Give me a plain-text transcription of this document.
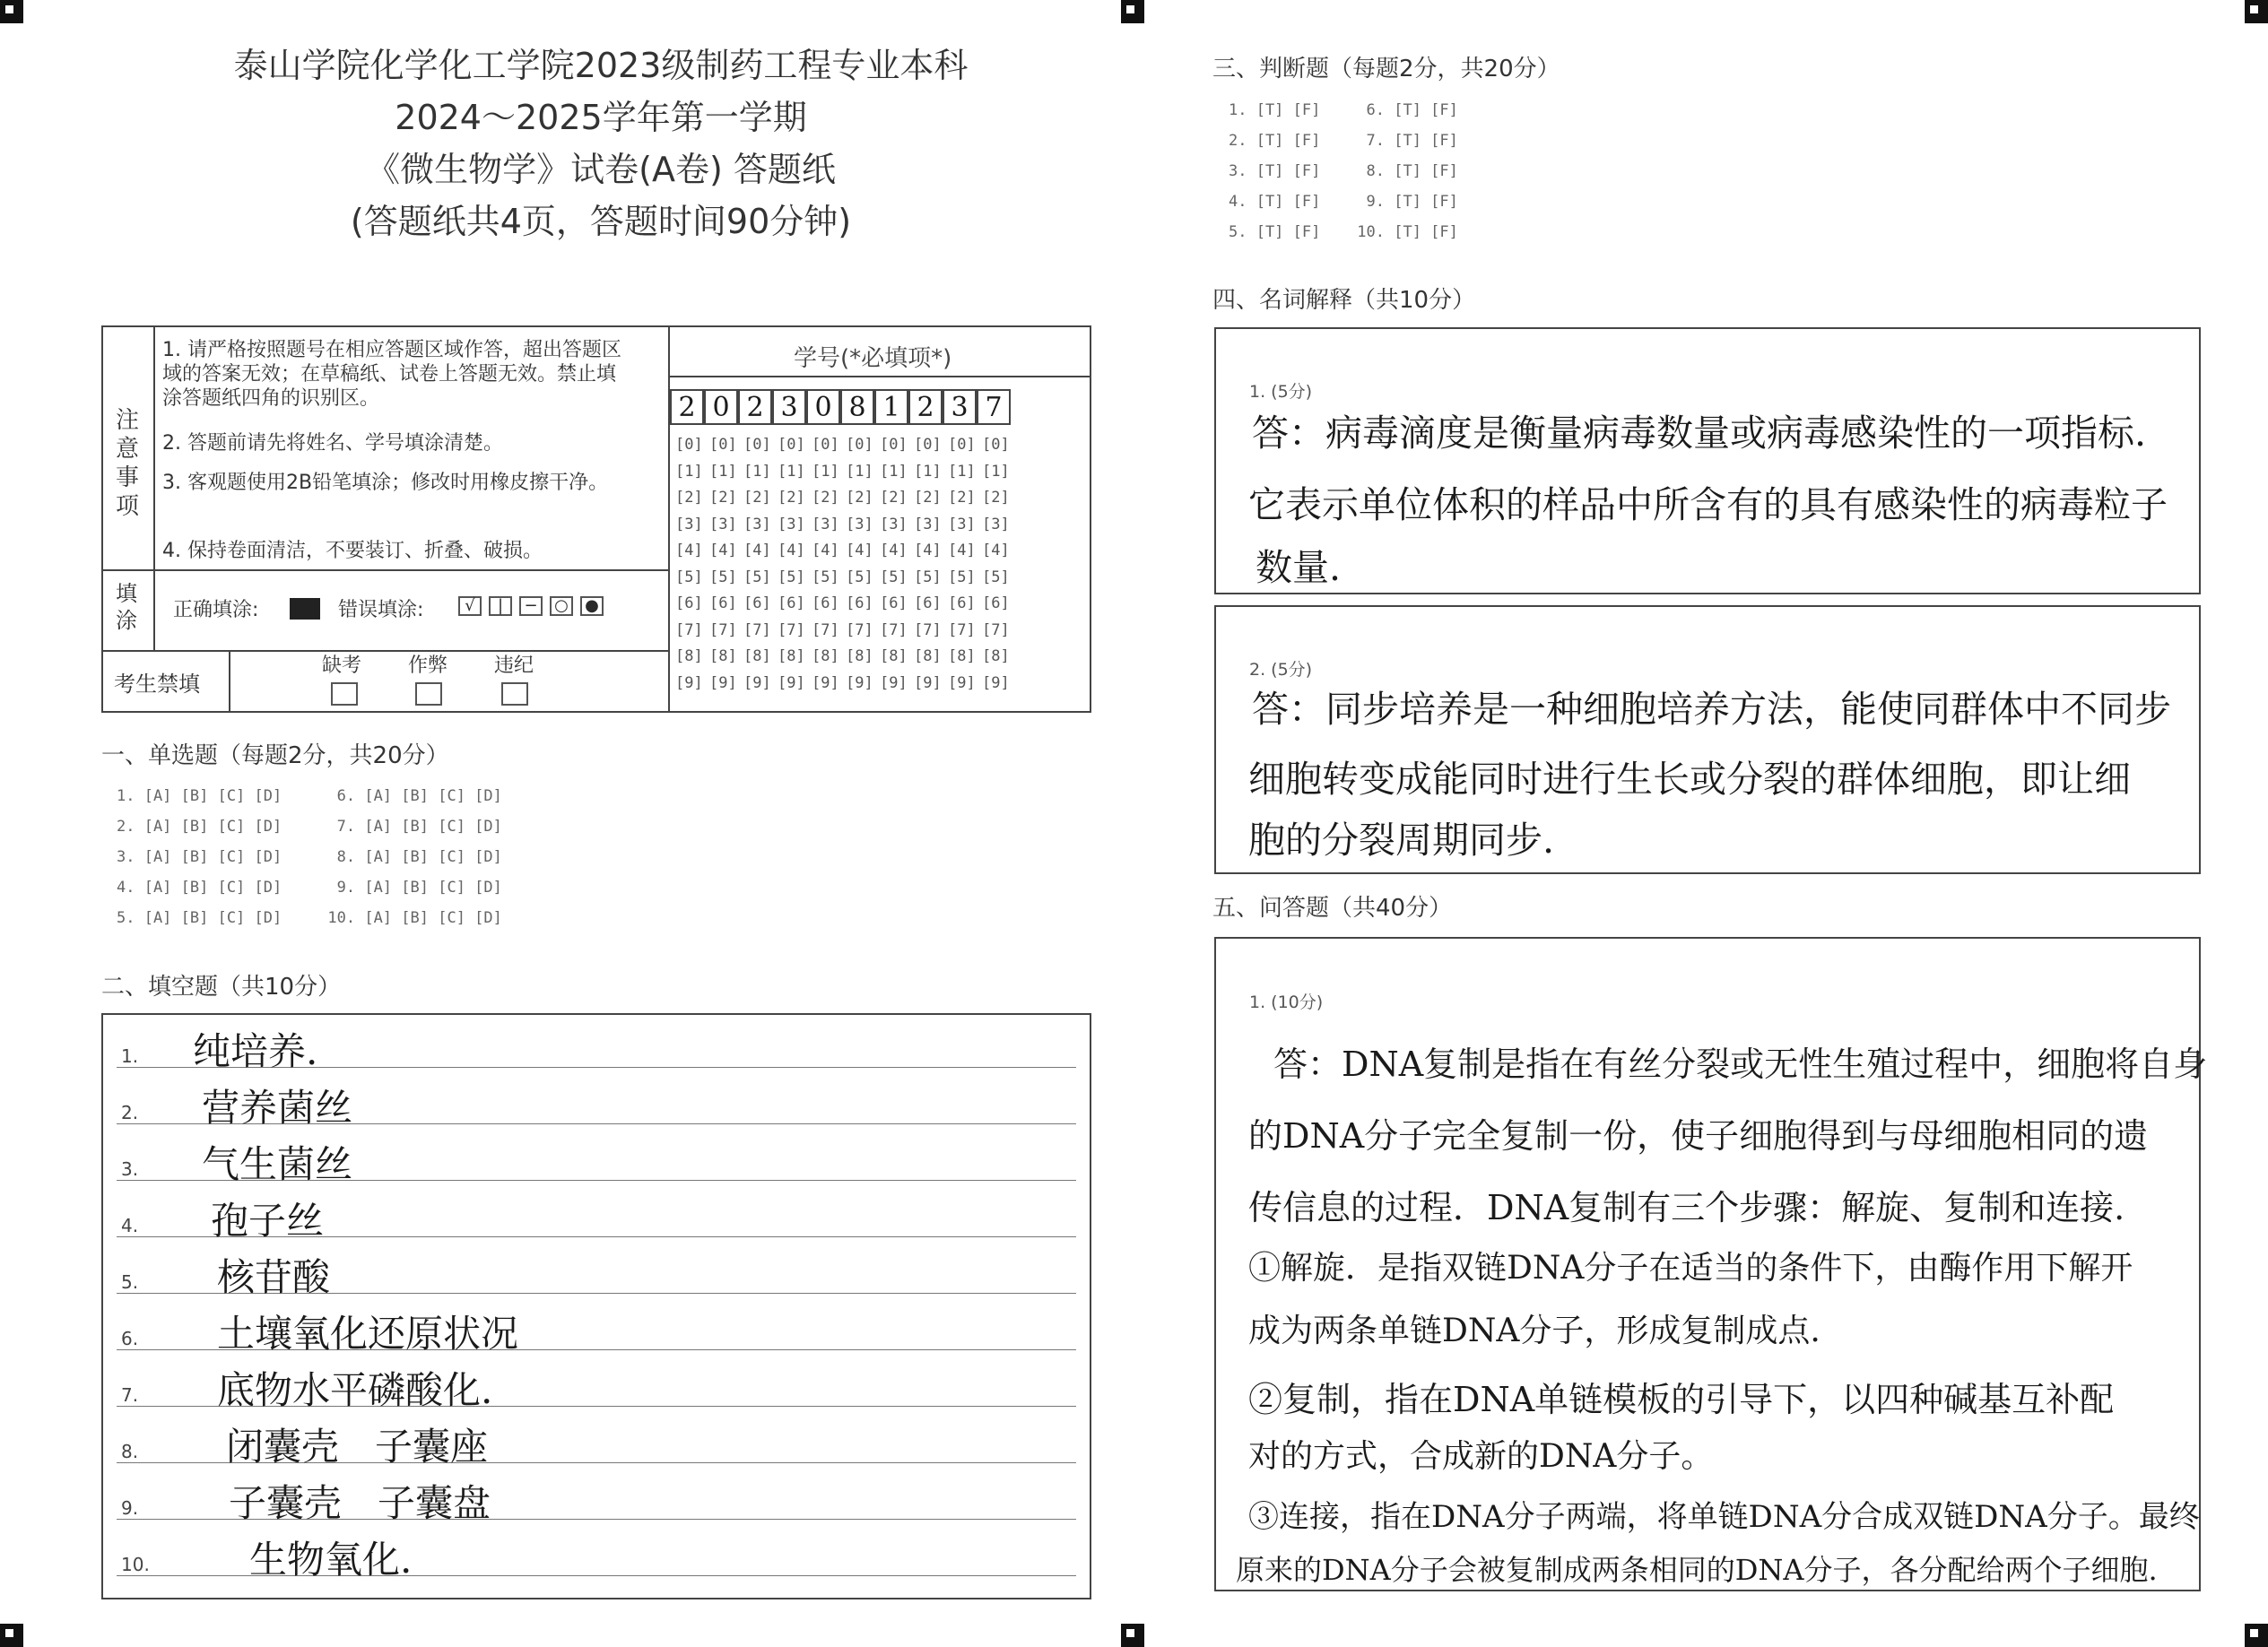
泰山学院化学化工学院2023级制药工程专业本科
2024～2025学年第一学期
《微生物学》试卷(A卷) 答题纸
(答题纸共4页，答题时间90分钟)
注
意
事
项
1. 请严格按照题号在相应答题区域作答，超出答题区域的答案无效；在草稿纸、试卷上答题无效。禁止填涂答题纸四角的识别区。
2. 答题前请先将姓名、学号填涂清楚。
3. 客观题使用2B铅笔填涂；修改时用橡皮擦干净。
4. 保持卷面清洁，不要装订、折叠、破损。
填
涂 正确填涂:	错误填涂:	√ | − ○ ●
考生禁填
缺考 作弊 违纪
学号(*必填项*)
2 0 2 3 0 8 1 2 3 7
[0]
[1]
[2]
[3]
[4]
[5]
[6]
[7]
[8]
[9]
[0]
[1]
[2]
[3]
[4]
[5]
[6]
[7]
[8]
[9]
[0]
[1]
[2]
[3]
[4]
[5]
[6]
[7]
[8]
[9]
[0]
[1]
[2]
[3]
[4]
[5]
[6]
[7]
[8]
[9]
[0]
[1]
[2]
[3]
[4]
[5]
[6]
[7]
[8]
[9]
[0]
[1]
[2]
[3]
[4]
[5]
[6]
[7]
[8]
[9]
[0]
[1]
[2]
[3]
[4]
[5]
[6]
[7]
[8]
[9]
[0]
[1]
[2]
[3]
[4]
[5]
[6]
[7]
[8]
[9]
[0]
[1]
[2]
[3]
[4]
[5]
[6]
[7]
[8]
[9]
[0]
[1]
[2]
[3]
[4]
[5]
[6]
[7]
[8]
[9]
一、单选题（每题2分，共20分）
1. [A] [B] [C] [D]      6. [A] [B] [C] [D]
2. [A] [B] [C] [D]      7. [A] [B] [C] [D]
3. [A] [B] [C] [D]      8. [A] [B] [C] [D]
4. [A] [B] [C] [D]      9. [A] [B] [C] [D]
5. [A] [B] [C] [D]     10. [A] [B] [C] [D]
二、填空题（共10分）
1.
2.
3.
4.
5.
6.
7.
8.
9.
10.
纯培养.
营养菌丝
气生菌丝
孢子丝
核苷酸
土壤氧化还原状况
底物水平磷酸化.
闭囊壳   子囊座
子囊壳   子囊盘
生物氧化.
三、判断题（每题2分，共20分）
1. [T] [F]     6. [T] [F]
2. [T] [F]     7. [T] [F]
3. [T] [F]     8. [T] [F]
4. [T] [F]     9. [T] [F]
5. [T] [F]    10. [T] [F]
四、名词解释（共10分）
1. (5分)
答：病毒滴度是衡量病毒数量或病毒感染性的一项指标.
它表示单位体积的样品中所含有的具有感染性的病毒粒子
数量.
2. (5分)
答：同步培养是一种细胞培养方法，能使同群体中不同步
细胞转变成能同时进行生长或分裂的群体细胞，即让细
胞的分裂周期同步.
五、问答题（共40分）
1. (10分)
答：DNA复制是指在有丝分裂或无性生殖过程中，细胞将自身
的DNA分子完全复制一份，使子细胞得到与母细胞相同的遗
传信息的过程．DNA复制有三个步骤：解旋、复制和连接.
①解旋．是指双链DNA分子在适当的条件下，由酶作用下解开
成为两条单链DNA分子，形成复制成点.
②复制，指在DNA单链模板的引导下，以四种碱基互补配
对的方式，合成新的DNA分子。
③连接，指在DNA分子两端，将单链DNA分合成双链DNA分子。最终
原来的DNA分子会被复制成两条相同的DNA分子，各分配给两个子细胞.
